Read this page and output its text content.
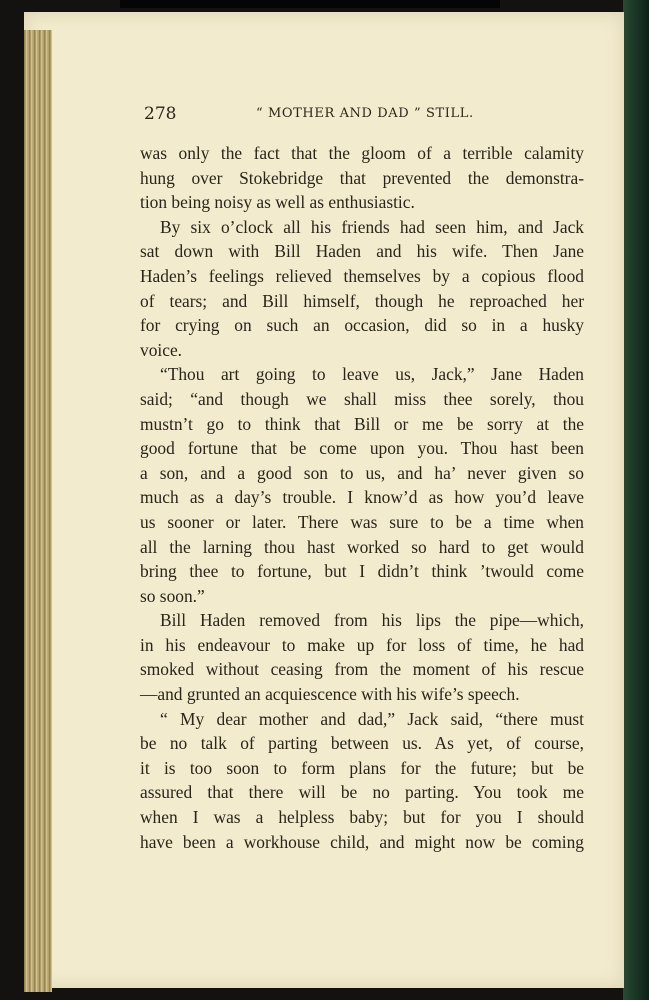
278	“ MOTHER AND DAD ” STILL.
was only the fact that the gloom of a terrible calamity
hung over Stokebridge that prevented the demonstra-
tion being noisy as well as enthusiastic.
By six o’clock all his friends had seen him, and Jack
sat down with Bill Haden and his wife. Then Jane
Haden’s feelings relieved themselves by a copious flood
of tears; and Bill himself, though he reproached her
for crying on such an occasion, did so in a husky
voice.
“Thou art going to leave us, Jack,” Jane Haden
said; “and though we shall miss thee sorely, thou
mustn’t go to think that Bill or me be sorry at the
good fortune that be come upon you. Thou hast been
a son, and a good son to us, and ha’ never given so
much as a day’s trouble. I know’d as how you’d leave
us sooner or later. There was sure to be a time when
all the larning thou hast worked so hard to get would
bring thee to fortune, but I didn’t think ’twould come
so soon.”
Bill Haden removed from his lips the pipe—which,
in his endeavour to make up for loss of time, he had
smoked without ceasing from the moment of his rescue
—and grunted an acquiescence with his wife’s speech.
“ My dear mother and dad,” Jack said, “there must
be no talk of parting between us. As yet, of course,
it is too soon to form plans for the future; but be
assured that there will be no parting. You took me
when I was a helpless baby; but for you I should
have been a workhouse child, and might now be coming
